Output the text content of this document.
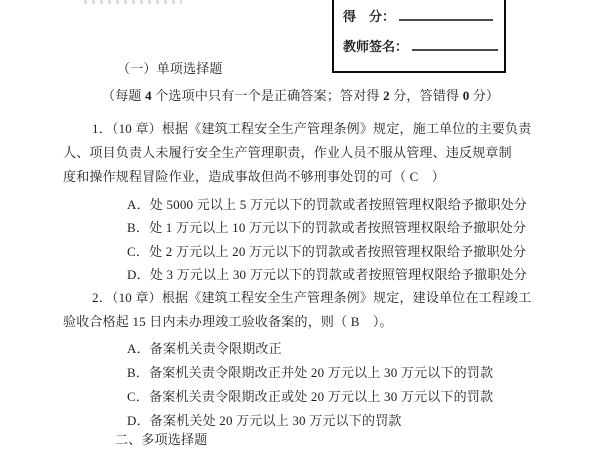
得　分：
教师签名：
（一）单项选择题
（每题 4 个选项中只有一个是正确答案；答对得 2 分，答错得 0 分）
1．（10 章）根据《建筑工程安全生产管理条例》规定，施工单位的主要负责
人、项目负责人未履行安全生产管理职责，作业人员不服从管理、违反规章制
度和操作规程冒险作业，造成事故但尚不够刑事处罚的可（ C　）
A．处 5000 元以上 5 万元以下的罚款或者按照管理权限给予撤职处分
B．处 1 万元以上 10 万元以下的罚款或者按照管理权限给予撤职处分
C．处 2 万元以上 20 万元以下的罚款或者按照管理权限给予撤职处分
D．处 3 万元以上 30 万元以下的罚款或者按照管理权限给予撤职处分
2．（10 章）根据《建筑工程安全生产管理条例》规定，建设单位在工程竣工
验收合格起 15 日内未办理竣工验收备案的，则（ B　）。
A．备案机关责令限期改正
B．备案机关责令限期改正并处 20 万元以上 30 万元以下的罚款
C．备案机关责令限期改正或处 20 万元以上 30 万元以下的罚款
D．备案机关处 20 万元以上 30 万元以下的罚款
二、多项选择题
